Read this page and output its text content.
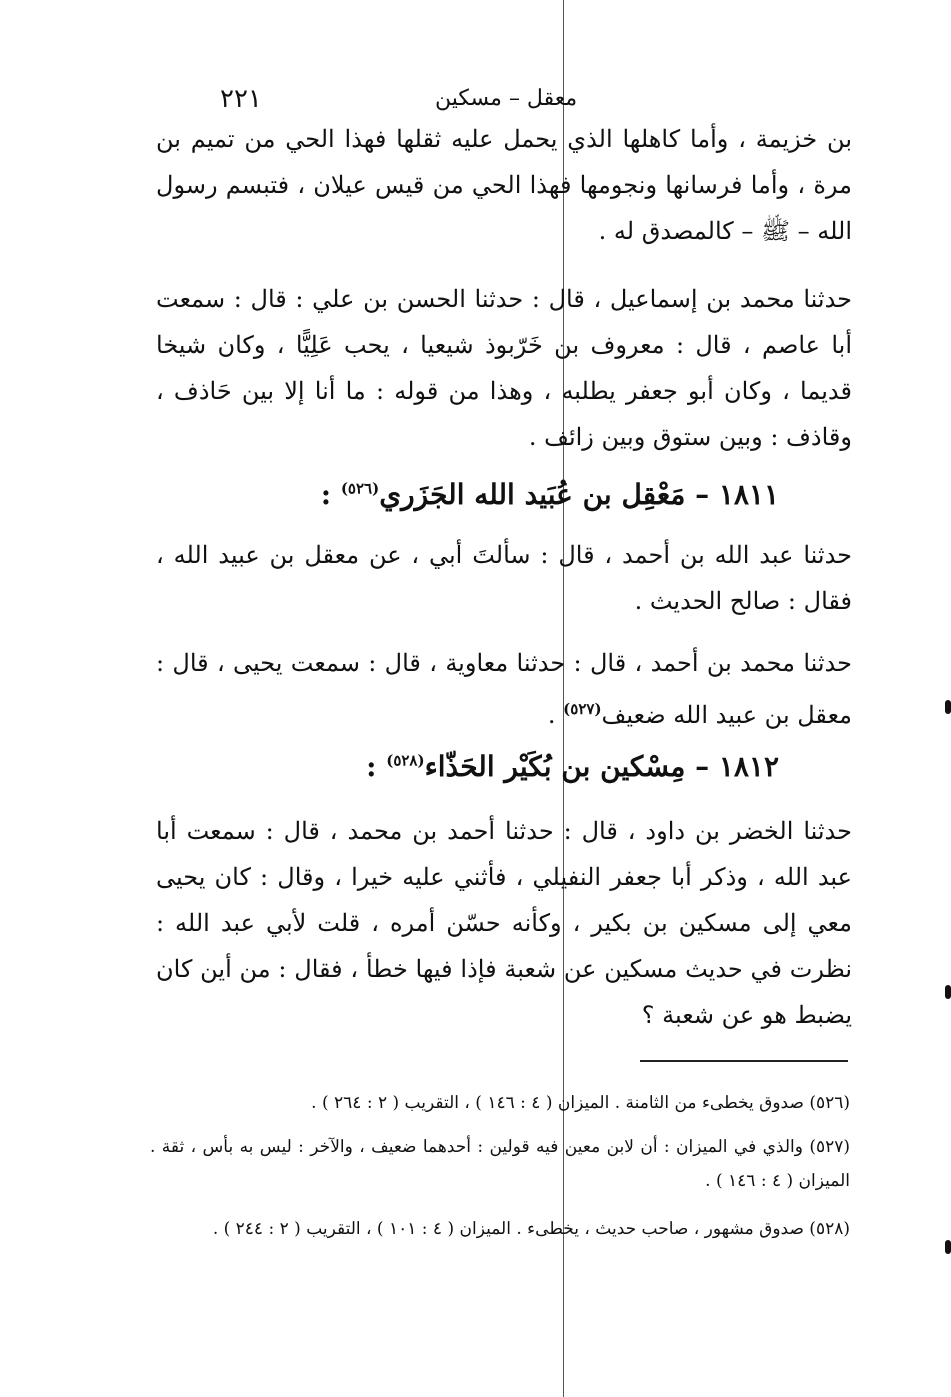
٢٢١	معقل – مسكين

بن خزيمة ، وأما كاهلها الذي يحمل عليه ثقلها فهذا الحي من تميم بن مرة ، وأما فرسانها ونجومها فهذا الحي من قيس عيلان ، فتبسم رسول الله – ﷺ – كالمصدق له .

حدثنا محمد بن إسماعيل ، قال : حدثنا الحسن بن علي : قال : سمعت أبا عاصم ، قال : معروف بن خَرّبوذ شيعيا ، يحب عَلِيًّا ، وكان شيخا قديما ، وكان أبو جعفر يطلبه ، وهذا من قوله : ما أنا إلا بين حَاذف ، وقاذف : وبين ستوق وبين زائف .

١٨١١ – مَعْقِل بن عُبَيد الله الجَزَري$^{(٥٢٦)}$ :

حدثنا عبد الله بن أحمد ، قال : سألتَ أبي ، عن معقل بن عبيد الله ، فقال : صالح الحديث .

حدثنا محمد بن أحمد ، قال : حدثنا معاوية ، قال : سمعت يحيى ، قال : معقل بن عبيد الله ضعيف$^{(٥٢٧)}$ .

١٨١٢ – مِسْكين بن بُكَيْر الحَذّاء$^{(٥٢٨)}$ :

حدثنا الخضر بن داود ، قال : حدثنا أحمد بن محمد ، قال : سمعت أبا عبد الله ، وذكر أبا جعفر النفيلي ، فأثني عليه خيرا ، وقال : كان يحيى معي إلى مسكين بن بكير ، وكأنه حسّن أمره ، قلت لأبي عبد الله : نظرت في حديث مسكين عن شعبة فإذا فيها خطأ ، فقال : من أين كان يضبط هو عن شعبة ؟

(٥٢٦) صدوق يخطىء من الثامنة . الميزان ( ٤ : ١٤٦ ) ، التقريب ( ٢ : ٢٦٤ ) .
(٥٢٧) والذي في الميزان : أن لابن معين فيه قولين : أحدهما ضعيف ، والآخر : ليس به بأس ، ثقة . الميزان ( ٤ : ١٤٦ ) .
(٥٢٨) صدوق مشهور ، صاحب حديث ، يخطىء . الميزان ( ٤ : ١٠١ ) ، التقريب ( ٢ : ٢٤٤ ) .
